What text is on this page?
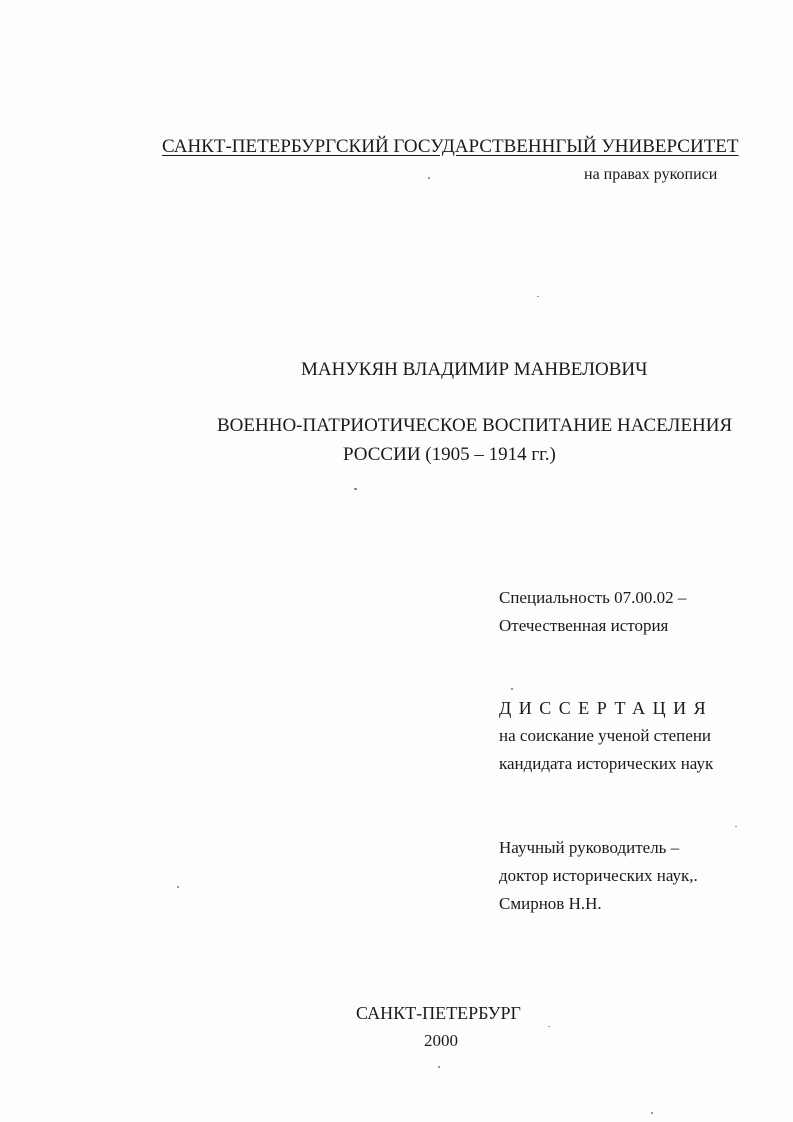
САНКТ-ПЕТЕРБУРГСКИЙ ГОСУДАРСТВЕННГЫЙ УНИВЕРСИТЕТ
на правах рукописи
МАНУКЯН ВЛАДИМИР МАНВЕЛОВИЧ
ВОЕННО-ПАТРИОТИЧЕСКОЕ ВОСПИТАНИЕ НАСЕЛЕНИЯ
РОССИИ (1905 – 1914 гг.)
Специальность 07.00.02 –
Отечественная история
ДИССЕРТАЦИЯ
на соискание ученой степени
кандидата исторических наук
Научный руководитель –
доктор исторических наук,.
Смирнов Н.Н.
САНКТ-ПЕТЕРБУРГ
2000
